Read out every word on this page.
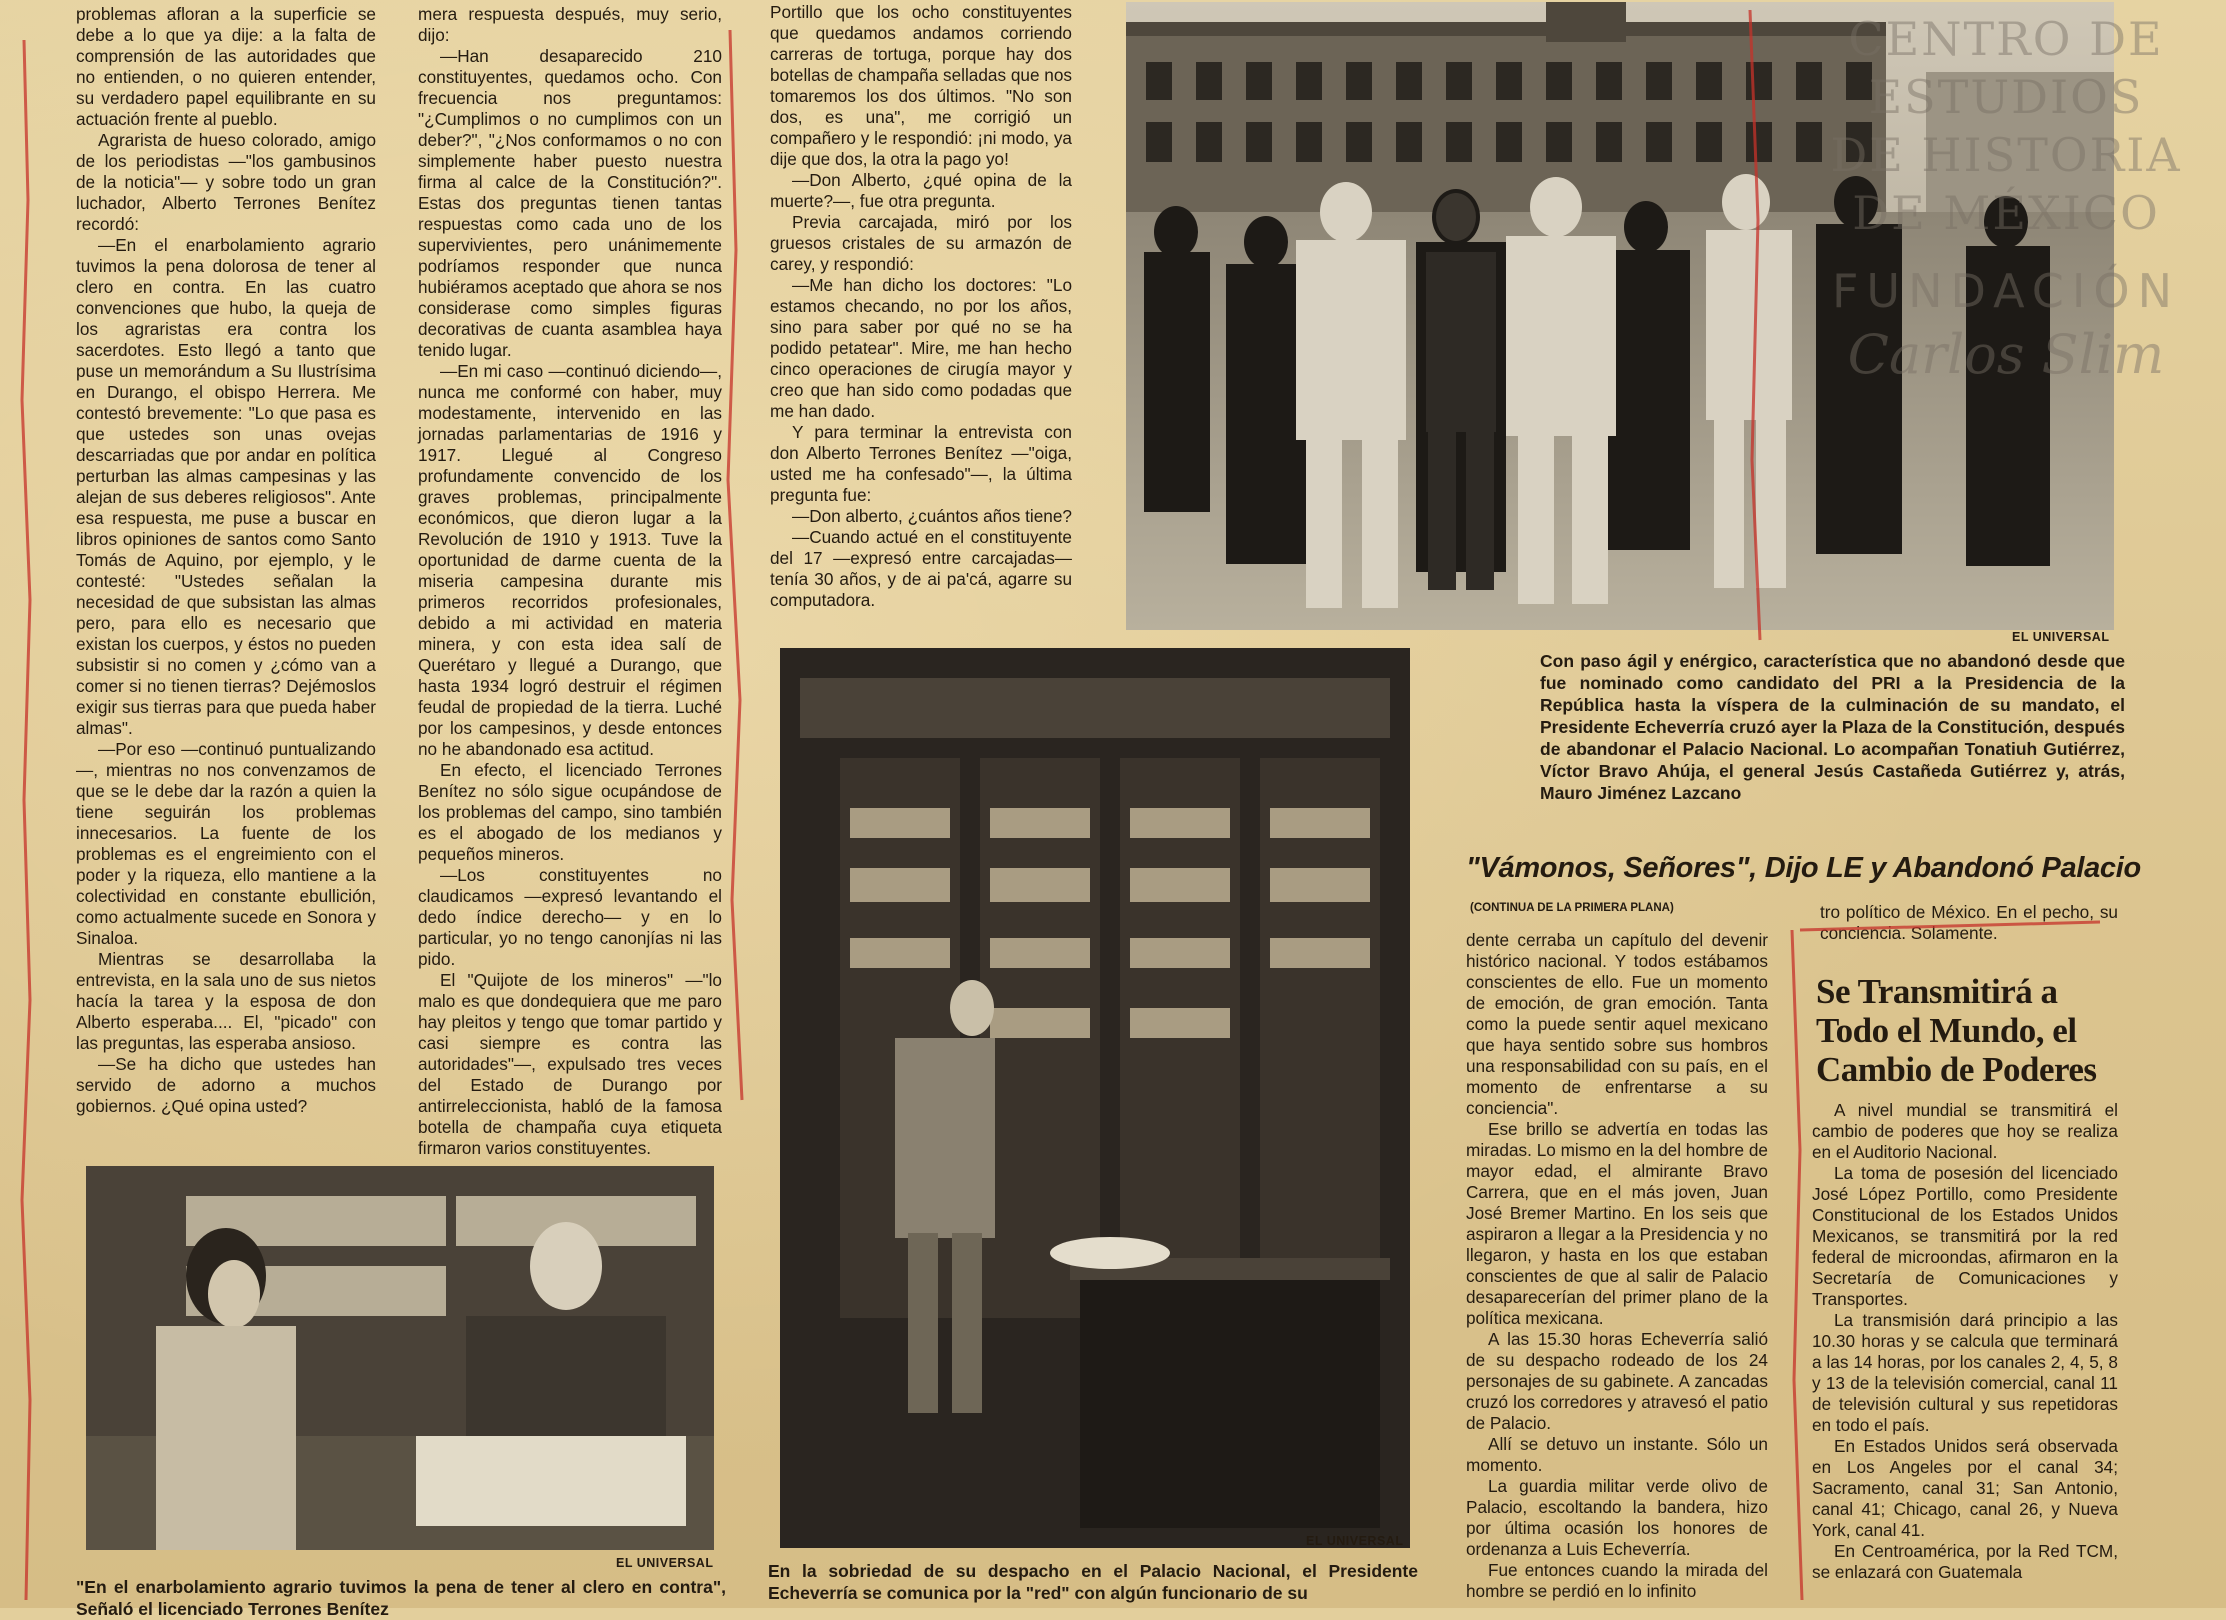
problemas afloran a la superficie se debe a lo que ya dije: a la falta de comprensión de las autoridades que no entienden, o no quieren entender, su verdadero papel equilibrante en su actuación frente al pueblo.

Agrarista de hueso colorado, amigo de los periodistas —"los gambusinos de la noticia"— y sobre todo un gran luchador, Alberto Terrones Benítez recordó:

—En el enarbolamiento agrario tuvimos la pena dolorosa de tener al clero en contra. En las cuatro convenciones que hubo, la queja de los agraristas era contra los sacerdotes. Esto llegó a tanto que puse un memorándum a Su Ilustrísima en Durango, el obispo Herrera. Me contestó brevemente: "Lo que pasa es que ustedes son unas ovejas descarriadas que por andar en política perturban las almas campesinas y las alejan de sus deberes religiosos". Ante esa respuesta, me puse a buscar en libros opiniones de santos como Santo Tomás de Aquino, por ejemplo, y le contesté: "Ustedes señalan la necesidad de que subsistan las almas pero, para ello es necesario que existan los cuerpos, y éstos no pueden subsistir si no comen y ¿cómo van a comer si no tienen tierras? Dejémoslos exigir sus tierras para que pueda haber almas".

—Por eso —continuó puntualizando—, mientras no nos convenzamos de que se le debe dar la razón a quien la tiene seguirán los problemas innecesarios. La fuente de los problemas es el engreimiento con el poder y la riqueza, ello mantiene a la colectividad en constante ebullición, como actualmente sucede en Sonora y Sinaloa.

Mientras se desarrollaba la entrevista, en la sala uno de sus nietos hacía la tarea y la esposa de don Alberto esperaba.... El, "picado" con las preguntas, las esperaba ansioso.

—Se ha dicho que ustedes han servido de adorno a muchos gobiernos. ¿Qué opina usted?

mera respuesta después, muy serio, dijo:

—Han desaparecido 210 constituyentes, quedamos ocho. Con frecuencia nos preguntamos: "¿Cumplimos o no cumplimos con un deber?", "¿Nos conformamos o no con simplemente haber puesto nuestra firma al calce de la Constitución?". Estas dos preguntas tienen tantas respuestas como cada uno de los supervivientes, pero unánimemente podríamos responder que nunca hubiéramos aceptado que ahora se nos considerase como simples figuras decorativas de cuanta asamblea haya tenido lugar.

—En mi caso —continuó diciendo—, nunca me conformé con haber, muy modestamente, intervenido en las jornadas parlamentarias de 1916 y 1917. Llegué al Congreso profundamente convencido de los graves problemas, principalmente económicos, que dieron lugar a la Revolución de 1910 y 1913. Tuve la oportunidad de darme cuenta de la miseria campesina durante mis primeros recorridos profesionales, debido a mi actividad en materia minera, y con esta idea salí de Querétaro y llegué a Durango, que hasta 1934 logró destruir el régimen feudal de propiedad de la tierra. Luché por los campesinos, y desde entonces no he abandonado esa actitud.

En efecto, el licenciado Terrones Benítez no sólo sigue ocupándose de los problemas del campo, sino también es el abogado de los medianos y pequeños mineros.

—Los constituyentes no claudicamos —expresó levantando el dedo índice derecho— y en lo particular, yo no tengo canonjías ni las pido.

El "Quijote de los mineros" —"lo malo es que dondequiera que me paro hay pleitos y tengo que tomar partido y casi siempre es contra las autoridades"—, expulsado tres veces del Estado de Durango por antirreleccionista, habló de la famosa botella de champaña cuya etiqueta firmaron varios constituyentes.

Portillo que los ocho constituyentes que quedamos andamos corriendo carreras de tortuga, porque hay dos botellas de champaña selladas que nos tomaremos los dos últimos. "No son dos, es una", me corrigió un compañero y le respondió: ¡ni modo, ya dije que dos, la otra la pago yo!

—Don Alberto, ¿qué opina de la muerte?—, fue otra pregunta.

Previa carcajada, miró por los gruesos cristales de su armazón de carey, y respondió:

—Me han dicho los doctores: "Lo estamos checando, no por los años, sino para saber por qué no se ha podido petatear". Mire, me han hecho cinco operaciones de cirugía mayor y creo que han sido como podadas que me han dado.

Y para terminar la entrevista con don Alberto Terrones Benítez —"oiga, usted me ha confesado"—, la última pregunta fue:

—Don alberto, ¿cuántos años tiene?

—Cuando actué en el constituyente del 17 —expresó entre carcajadas— tenía 30 años, y de ai pa'cá, agarre su computadora.

EL UNIVERSAL
CENTRO DE
ESTUDIOS
DE HISTORIA
DE MÉXICO
FUNDACIÓN
Carlos Slim
Con paso ágil y enérgico, característica que no abandonó desde que fue nominado como candidato del PRI a la Presidencia de la República hasta la víspera de la culminación de su mandato, el Presidente Echeverría cruzó ayer la Plaza de la Constitución, después de abandonar el Palacio Nacional. Lo acompañan Tonatiuh Gutiérrez, Víctor Bravo Ahúja, el general Jesús Castañeda Gutiérrez y, atrás, Mauro Jiménez Lazcano
EL UNIVERSAL
En la sobriedad de su despacho en el Palacio Nacional, el Presidente Echeverría se comunica por la "red" con algún funcionario de su
EL UNIVERSAL
"En el enarbolamiento agrario tuvimos la pena de tener al clero en contra", Señaló el licenciado Terrones Benítez
"Vámonos, Señores", Dijo LE y Abandonó Palacio
(CONTINUA DE LA PRIMERA PLANA)	tro político de México. En el pecho, su conciencia. Solamente.

dente cerraba un capítulo del devenir histórico nacional. Y todos estábamos conscientes de ello. Fue un momento de emoción, de gran emoción. Tanta como la puede sentir aquel mexicano que haya sentido sobre sus hombros una responsabilidad con su país, en el momento de enfrentarse a su conciencia".

Ese brillo se advertía en todas las miradas. Lo mismo en la del hombre de mayor edad, el almirante Bravo Carrera, que en el más joven, Juan José Bremer Martino. En los seis que aspiraron a llegar a la Presidencia y no llegaron, y hasta en los que estaban conscientes de que al salir de Palacio desaparecerían del primer plano de la política mexicana.

A las 15.30 horas Echeverría salió de su despacho rodeado de los 24 personajes de su gabinete. A zancadas cruzó los corredores y atravesó el patio de Palacio.

Allí se detuvo un instante. Sólo un momento.

La guardia militar verde olivo de Palacio, escoltando la bandera, hizo por última ocasión los honores de ordenanza a Luis Echeverría.

Fue entonces cuando la mirada del hombre se perdió en lo infinito

Se Transmitirá a Todo el Mundo, el Cambio de Poderes

A nivel mundial se transmitirá el cambio de poderes que hoy se realiza en el Auditorio Nacional.

La toma de posesión del licenciado José López Portillo, como Presidente Constitucional de los Estados Unidos Mexicanos, se transmitirá por la red federal de microondas, afirmaron en la Secretaría de Comunicaciones y Transportes.

La transmisión dará principio a las 10.30 horas y se calcula que terminará a las 14 horas, por los canales 2, 4, 5, 8 y 13 de la televisión comercial, canal 11 de televisión cultural y sus repetidoras en todo el país.

En Estados Unidos será observada en Los Angeles por el canal 34; Sacramento, canal 31; San Antonio, canal 41; Chicago, canal 26, y Nueva York, canal 41.

En Centroamérica, por la Red TCM, se enlazará con Guatemala
